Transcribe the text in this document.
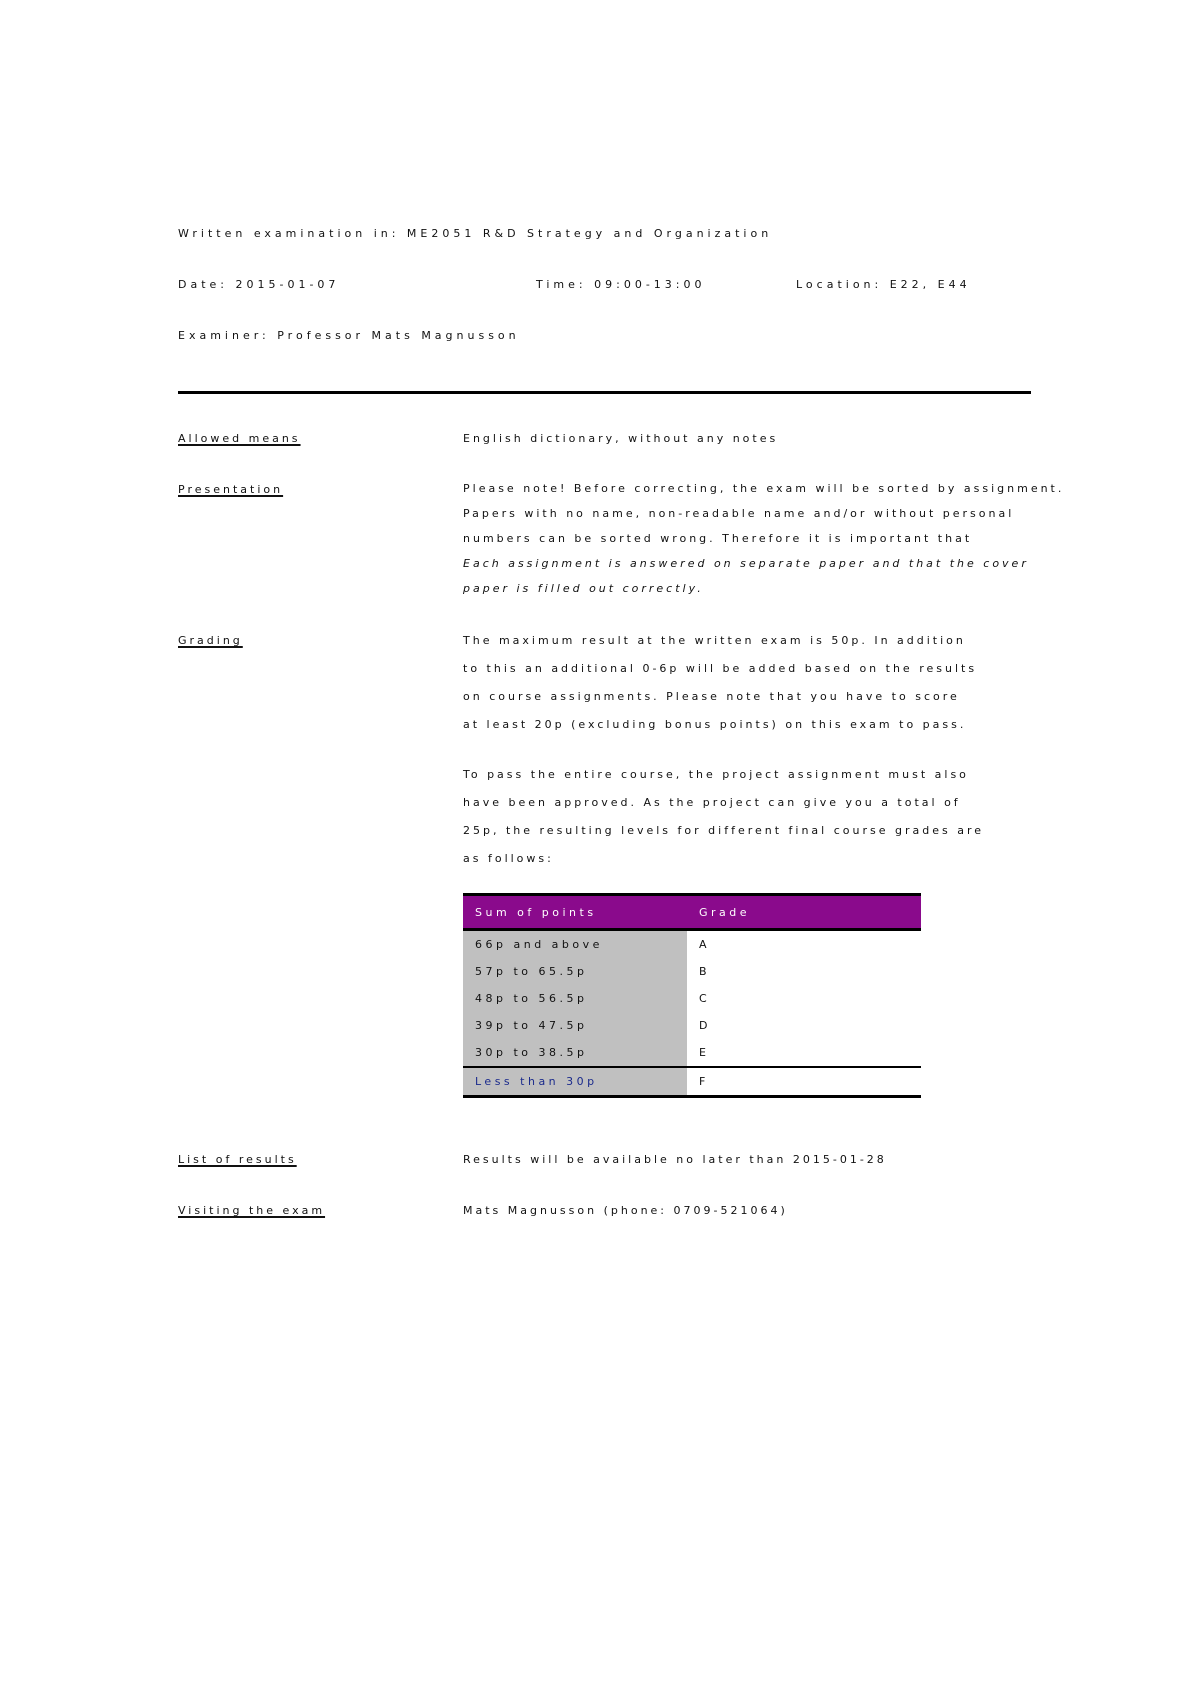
Written examination in: ME2051 R&D Strategy and Organization
Date: 2015-01-07	Time: 09:00-13:00	Location: E22, E44
Examiner: Professor Mats Magnusson
Allowed means	English dictionary, without any notes
Presentation	Please note! Before correcting, the exam will be sorted by assignment.
Papers with no name, non-readable name and/or without personal
numbers can be sorted wrong. Therefore it is important that
Each assignment is answered on separate paper and that the cover
paper is filled out correctly.
Grading	The maximum result at the written exam is 50p. In addition
to this an additional 0-6p will be added based on the results
on course assignments. Please note that you have to score
at least 20p (excluding bonus points) on this exam to pass.
To pass the entire course, the project assignment must also
have been approved. As the project can give you a total of
25p, the resulting levels for different final course grades are
as follows:
Sum of points	Grade
66p and above	A
57p to 65.5p	B
48p to 56.5p	C
39p to 47.5p	D
30p to 38.5p	E
Less than 30p	F
List of results	Results will be available no later than 2015-01-28
Visiting the exam	Mats Magnusson (phone: 0709-521064)
